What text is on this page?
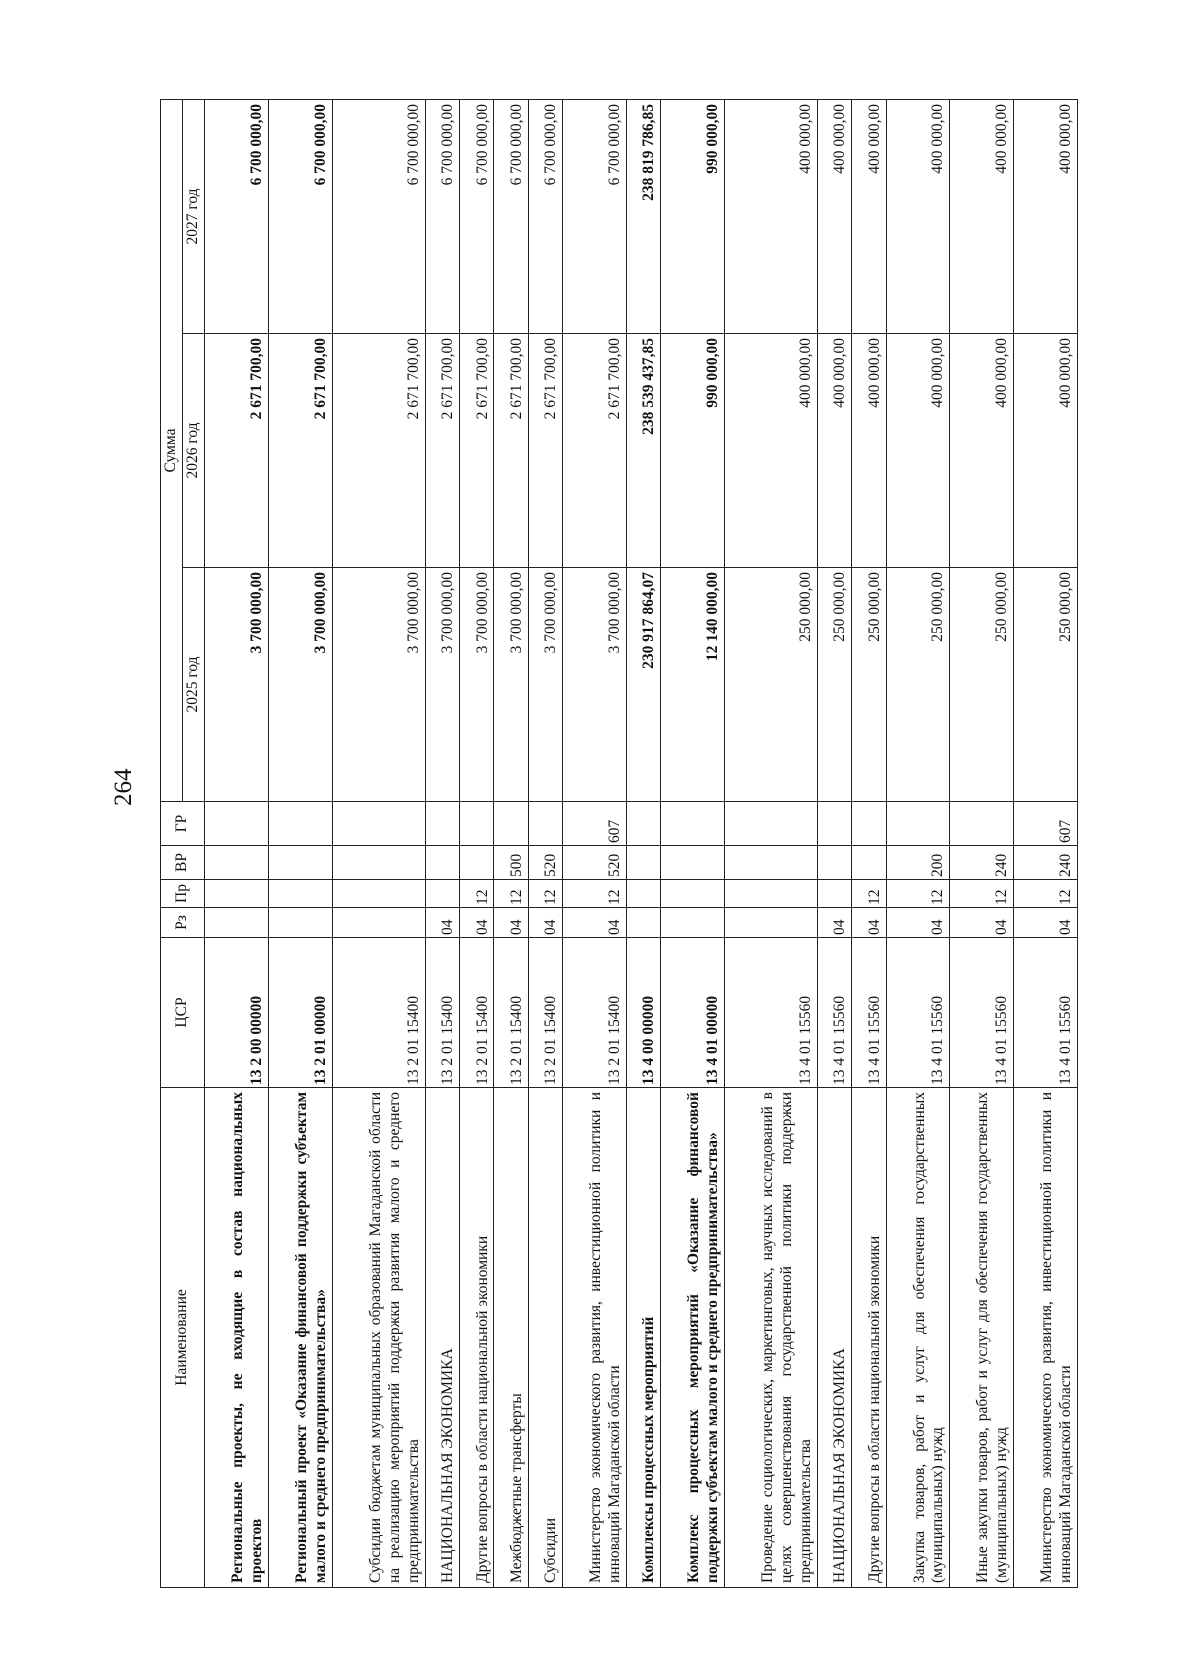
264
Наименование	ЦСР	Рз	Пр	ВР	ГР	Сумма		
						2025 год	2026 год	2027 год
Региональные проекты, не входящие в состав национальных проектов	13 2 00 00000					3 700 000,00	2 671 700,00	6 700 000,00
Региональный проект «Оказание финансовой поддержки субъектам малого и среднего предпринимательства»	13 2 01 00000					3 700 000,00	2 671 700,00	6 700 000,00
Субсидии бюджетам муниципальных образований Магаданской области на реализацию мероприятий поддержки развития малого и среднего предпринимательства	13 2 01 15400					3 700 000,00	2 671 700,00	6 700 000,00
НАЦИОНАЛЬНАЯ ЭКОНОМИКА	13 2 01 15400	04				3 700 000,00	2 671 700,00	6 700 000,00
Другие вопросы в области национальной экономики	13 2 01 15400	04	12			3 700 000,00	2 671 700,00	6 700 000,00
Межбюджетные трансферты	13 2 01 15400	04	12	500		3 700 000,00	2 671 700,00	6 700 000,00
Субсидии	13 2 01 15400	04	12	520		3 700 000,00	2 671 700,00	6 700 000,00
Министерство экономического развития, инвестиционной политики и инноваций Магаданской области	13 2 01 15400	04	12	520	607	3 700 000,00	2 671 700,00	6 700 000,00
Комплексы процессных мероприятий	13 4 00 00000					230 917 864,07	238 539 437,85	238 819 786,85
Комплекс процессных мероприятий «Оказание финансовой поддержки субъектам малого и среднего предпринимательства»	13 4 01 00000					12 140 000,00	990 000,00	990 000,00
Проведение социологических, маркетинговых, научных исследований в целях совершенствования государственной политики поддержки предпринимательства	13 4 01 15560					250 000,00	400 000,00	400 000,00
НАЦИОНАЛЬНАЯ ЭКОНОМИКА	13 4 01 15560	04				250 000,00	400 000,00	400 000,00
Другие вопросы в области национальной экономики	13 4 01 15560	04	12			250 000,00	400 000,00	400 000,00
Закупка товаров, работ и услуг для обеспечения государственных (муниципальных) нужд	13 4 01 15560	04	12	200		250 000,00	400 000,00	400 000,00
Иные закупки товаров, работ и услуг для обеспечения государственных (муниципальных) нужд	13 4 01 15560	04	12	240		250 000,00	400 000,00	400 000,00
Министерство экономического развития, инвестиционной политики и инноваций Магаданской области	13 4 01 15560	04	12	240	607	250 000,00	400 000,00	400 000,00
